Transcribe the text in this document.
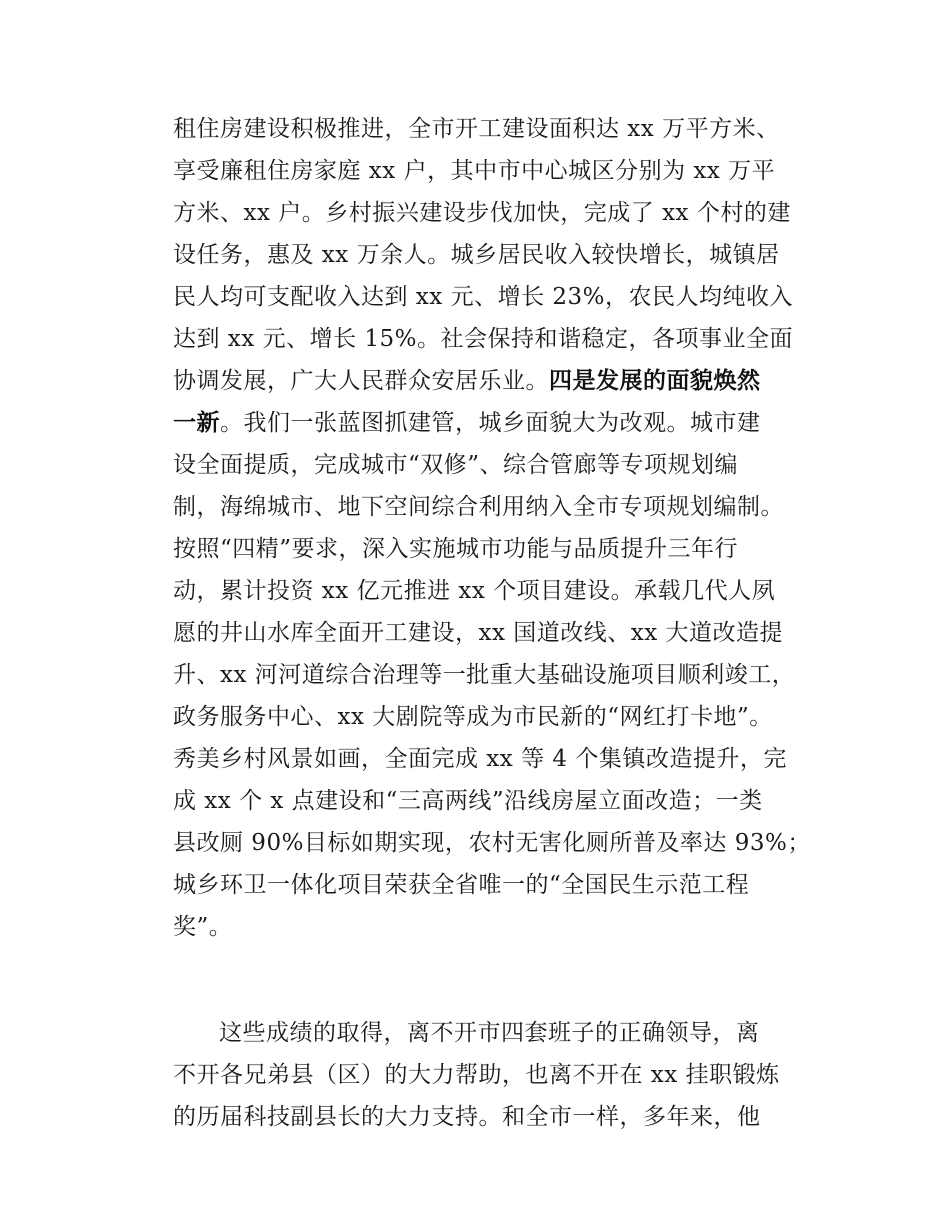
租住房建设积极推进，全市开工建设面积达 xx 万平方米、
享受廉租住房家庭 xx 户，其中市中心城区分别为 xx 万平
方米、xx 户。乡村振兴建设步伐加快，完成了 xx 个村的建
设任务，惠及 xx 万余人。城乡居民收入较快增长，城镇居
民人均可支配收入达到 xx 元、增长 23%，农民人均纯收入
达到 xx 元、增长 15%。社会保持和谐稳定，各项事业全面
协调发展，广大人民群众安居乐业。四是发展的面貌焕然
一新。我们一张蓝图抓建管，城乡面貌大为改观。城市建
设全面提质，完成城市“双修”、综合管廊等专项规划编
制，海绵城市、地下空间综合利用纳入全市专项规划编制。
按照“四精”要求，深入实施城市功能与品质提升三年行
动，累计投资 xx 亿元推进 xx 个项目建设。承载几代人夙
愿的井山水库全面开工建设，xx 国道改线、xx 大道改造提
升、xx 河河道综合治理等一批重大基础设施项目顺利竣工，
政务服务中心、xx 大剧院等成为市民新的“网红打卡地”。
秀美乡村风景如画，全面完成 xx 等 4 个集镇改造提升，完
成 xx 个 x 点建设和“三高两线”沿线房屋立面改造；一类
县改厕 90%目标如期实现，农村无害化厕所普及率达 93%；
城乡环卫一体化项目荣获全省唯一的“全国民生示范工程
奖”。
这些成绩的取得，离不开市四套班子的正确领导，离
不开各兄弟县（区）的大力帮助，也离不开在 xx 挂职锻炼
的历届科技副县长的大力支持。和全市一样，多年来，他
